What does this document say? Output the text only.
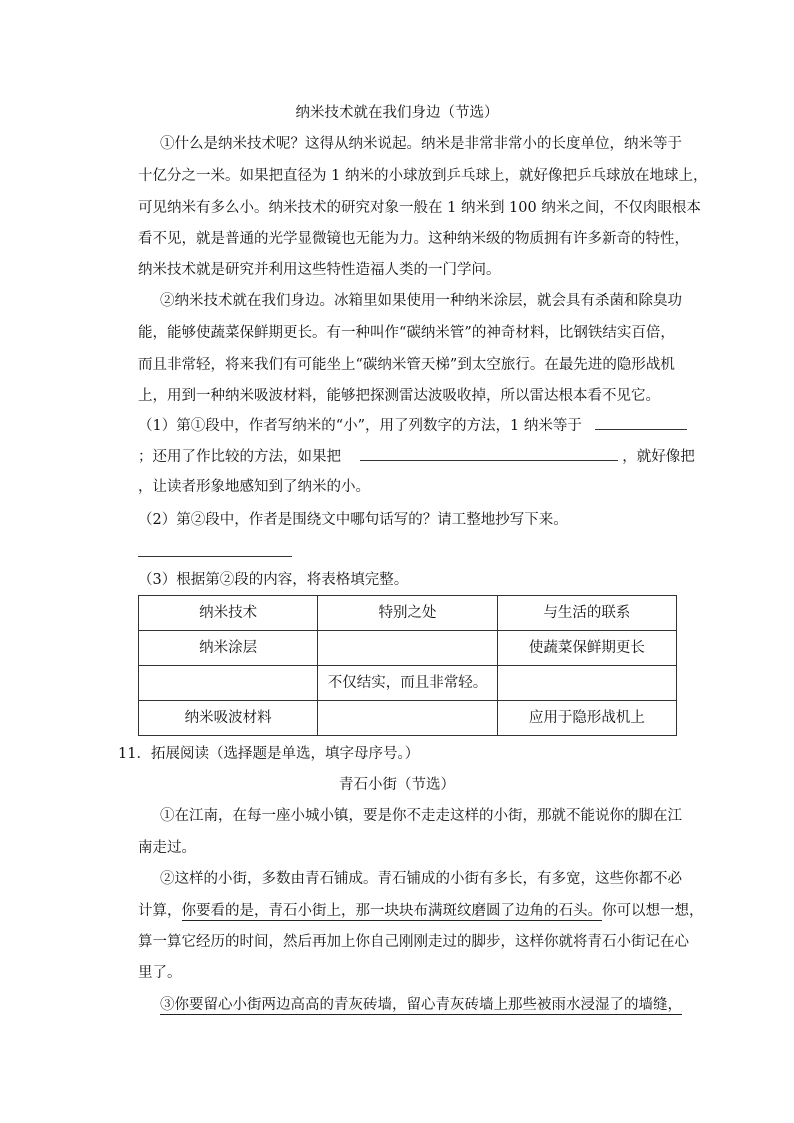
纳米技术就在我们身边（节选）
①什么是纳米技术呢？这得从纳米说起。纳米是非常非常小的长度单位，纳米等于
十亿分之一米。如果把直径为 1 纳米的小球放到乒乓球上，就好像把乒乓球放在地球上，
可见纳米有多么小。纳米技术的研究对象一般在 1 纳米到 100 纳米之间，不仅肉眼根本
看不见，就是普通的光学显微镜也无能为力。这种纳米级的物质拥有许多新奇的特性，
纳米技术就是研究并利用这些特性造福人类的一门学问。
②纳米技术就在我们身边。冰箱里如果使用一种纳米涂层，就会具有杀菌和除臭功
能，能够使蔬菜保鲜期更长。有一种叫作“碳纳米管”的神奇材料，比钢铁结实百倍，
而且非常轻，将来我们有可能坐上“碳纳米管天梯”到太空旅行。在最先进的隐形战机
上，用到一种纳米吸波材料，能够把探测雷达波吸收掉，所以雷达根本看不见它。
（1）第①段中，作者写纳米的“小”，用了列数字的方法，1 纳米等于
；还用了作比较的方法，如果把	，就好像把
，让读者形象地感知到了纳米的小。
（2）第②段中，作者是围绕文中哪句话写的？请工整地抄写下来。
（3）根据第②段的内容，将表格填完整。
纳米技术	特别之处	与生活的联系
纳米涂层		使蔬菜保鲜期更长
	不仅结实，而且非常轻。	
纳米吸波材料		应用于隐形战机上
11．拓展阅读（选择题是单选，填字母序号。）
青石小街（节选）
①在江南，在每一座小城小镇，要是你不走走这样的小街，那就不能说你的脚在江
南走过。
②这样的小街，多数由青石铺成。青石铺成的小街有多长，有多宽，这些你都不必
计算，你要看的是，青石小街上，那一块块布满斑纹磨圆了边角的石头。你可以想一想，
算一算它经历的时间，然后再加上你自己刚刚走过的脚步，这样你就将青石小街记在心
里了。
③你要留心小街两边高高的青灰砖墙，留心青灰砖墙上那些被雨水浸湿了的墙缝，
